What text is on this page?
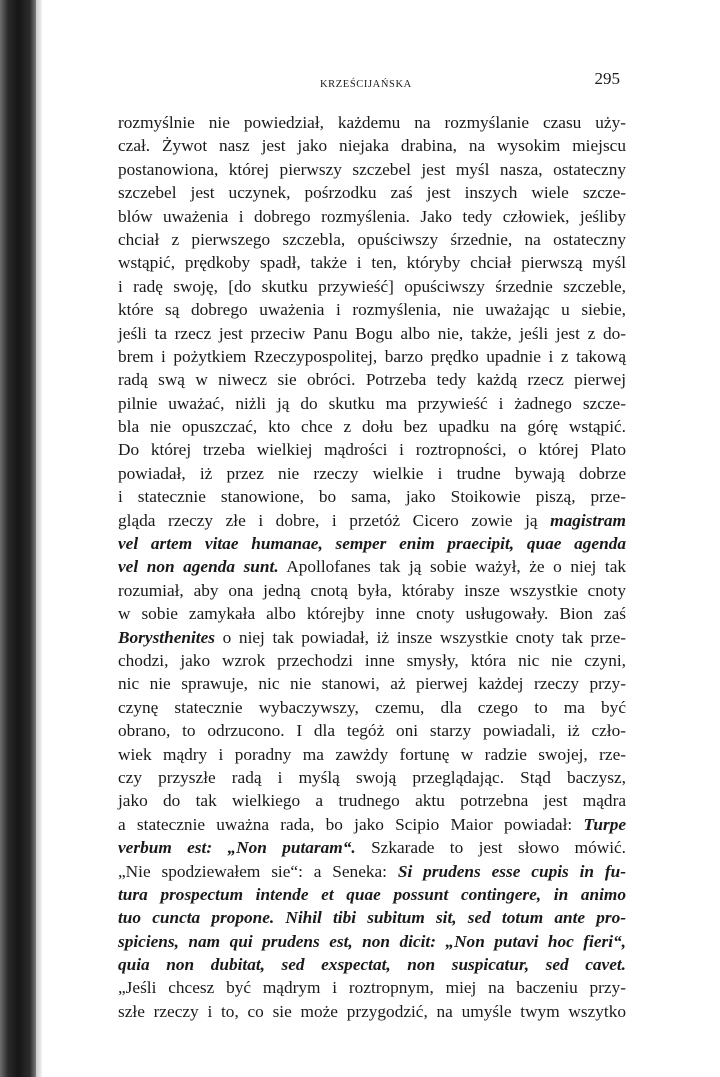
KRZEŚCIJAŃSKA	295
rozmyślnie nie powiedział, każdemu na rozmyślanie czasu uży-
czał. Żywot nasz jest jako niejaka drabina, na wysokim miejscu
postanowiona, której pierwszy szczebel jest myśl nasza, ostateczny
szczebel jest uczynek, pośrzodku zaś jest inszych wiele szcze-
blów uważenia i dobrego rozmyślenia. Jako tedy człowiek, jeśliby
chciał z pierwszego szczebla, opuściwszy śrzednie, na ostateczny
wstąpić, prędkoby spadł, także i ten, któryby chciał pierwszą myśl
i radę swoję, [do skutku przywieść] opuściwszy śrzednie szczeble,
które są dobrego uważenia i rozmyślenia, nie uważając u siebie,
jeśli ta rzecz jest przeciw Panu Bogu albo nie, także, jeśli jest z do-
brem i pożytkiem Rzeczypospolitej, barzo prędko upadnie i z takową
radą swą w niwecz sie obróci. Potrzeba tedy każdą rzecz pierwej
pilnie uważać, niżli ją do skutku ma przywieść i żadnego szcze-
bla nie opuszczać, kto chce z dołu bez upadku na górę wstąpić.
Do której trzeba wielkiej mądrości i roztropności, o której Plato
powiadał, iż przez nie rzeczy wielkie i trudne bywają dobrze
i statecznie stanowione, bo sama, jako Stoikowie piszą, prze-
gląda rzeczy złe i dobre, i przetóż Cicero zowie ją magistram
vel artem vitae humanae, semper enim praecipit, quae agenda
vel non agenda sunt. Apollofanes tak ją sobie ważył, że o niej tak
rozumiał, aby ona jedną cnotą była, któraby insze wszystkie cnoty
w sobie zamykała albo którejby inne cnoty usługowały. Bion zaś
Borysthenites o niej tak powiadał, iż insze wszystkie cnoty tak prze-
chodzi, jako wzrok przechodzi inne smysły, która nic nie czyni,
nic nie sprawuje, nic nie stanowi, aż pierwej każdej rzeczy przy-
czynę statecznie wybaczywszy, czemu, dla czego to ma być
obrano, to odrzucono. I dla tegóż oni starzy powiadali, iż czło-
wiek mądry i poradny ma zawżdy fortunę w radzie swojej, rze-
czy przyszłe radą i myślą swoją przeglądając. Stąd baczysz,
jako do tak wielkiego a trudnego aktu potrzebna jest mądra
a statecznie uważna rada, bo jako Scipio Maior powiadał: Turpe
verbum est: „Non putaram“. Szkarade to jest słowo mówić.
„Nie spodziewałem sie“: a Seneka: Si prudens esse cupis in fu-
tura prospectum intende et quae possunt contingere, in animo
tuo cuncta propone. Nihil tibi subitum sit, sed totum ante pro-
spiciens, nam qui prudens est, non dicit: „Non putavi hoc fieri“,
quia non dubitat, sed exspectat, non suspicatur, sed cavet.
„Jeśli chcesz być mądrym i roztropnym, miej na baczeniu przy-
szłe rzeczy i to, co sie może przygodzić, na umyśle twym wszytko
